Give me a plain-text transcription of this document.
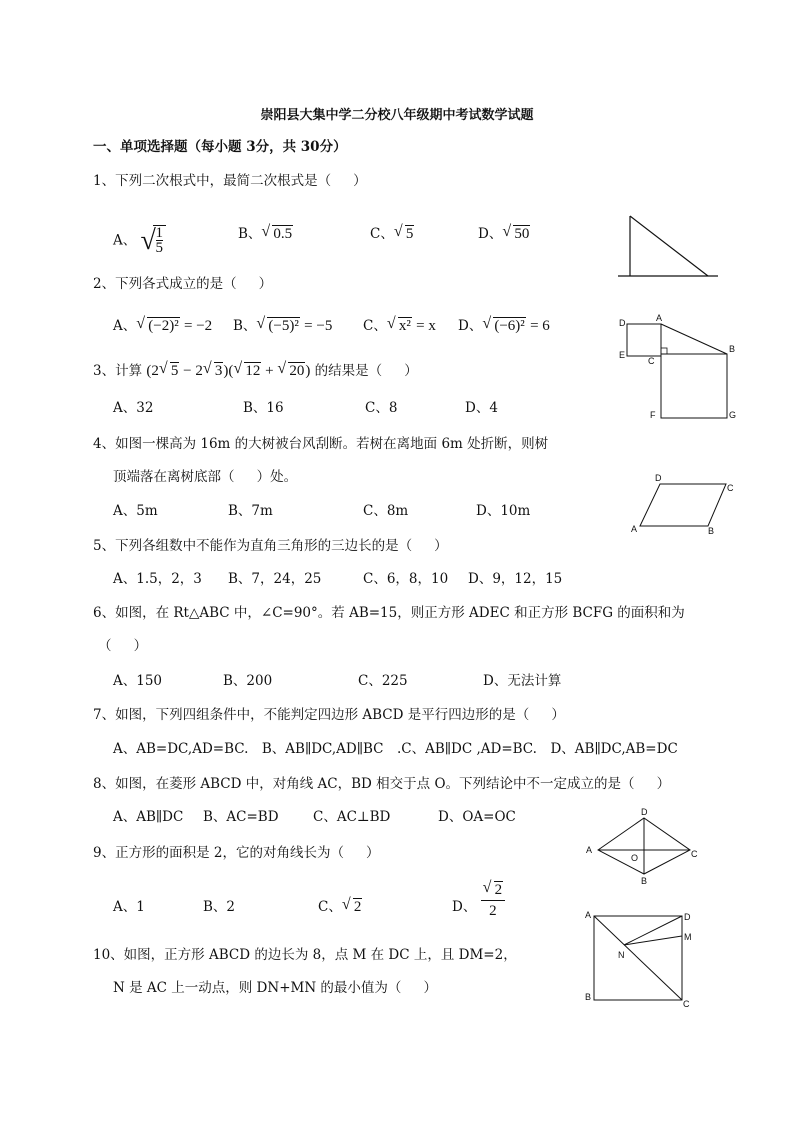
崇阳县大集中学二分校八年级期中考试数学试题
一、单项选择题（每小题 3分，共 30分）
1、下列二次根式中，最简二次根式是（ 　 ）
A、 √
$\frac{1}{5}$	B、 √ 0.5	C、 √ 5	D、 √ 50
2、下列各式成立的是（ 　 ）
A、 √ (−2)² = −2 B、 √ (−5)² = −5 C、 √ x² = x D、 √ (−6)² = 6
3、计算 (2 √ 5 − 2 √ 3)( √ 12 + √ 20) 的结果是（ 　 ）
A、32	B、16	C、8	D、4
4、如图一棵高为 16m 的大树被台风刮断。若树在离地面 6m 处折断，则树
顶端落在离树底部（ 　 ）处。
A、5m	B、7m	C、8m	D、10m
5、下列各组数中不能作为直角三角形的三边长的是（ 　 ）
A、1.5，2，3 B、7，24，25	C、6，8，10 D、9，12，15
6、如图，在 Rt△ABC 中，∠C=90°。若 AB=15，则正方形 ADEC 和正方形 BCFG 的面积和为
（ 　 ）
A、150	B、200	C、225	D、无法计算
7、如图，下列四组条件中，不能判定四边形 ABCD 是平行四边形的是（ 　 ）
A、AB=DC,AD=BC.　B、AB∥DC,AD∥BC　.C、AB∥DC ,AD=BC.　D、AB∥DC,AB=DC
8、如图，在菱形 ABCD 中，对角线 AC，BD 相交于点 O。下列结论中不一定成立的是（ 　 ）
A、AB∥DC B、AC=BD	C、AC⊥BD	D、OA=OC
9、正方形的面积是 2，它的对角线长为（ 　 ）
A、1	B、2	C、 √ 2	D、 √ $\frac{2}{2}$
10、如图，正方形 ABCD 的边长为 8，点 M 在 DC 上，且 DM=2，
N 是 AC 上一动点，则 DN+MN 的最小值为（ 　 ）
D	A
E
C
B
F	G
D
C
A	B
D
A	C
O
B
A	D
M
N
B
C
